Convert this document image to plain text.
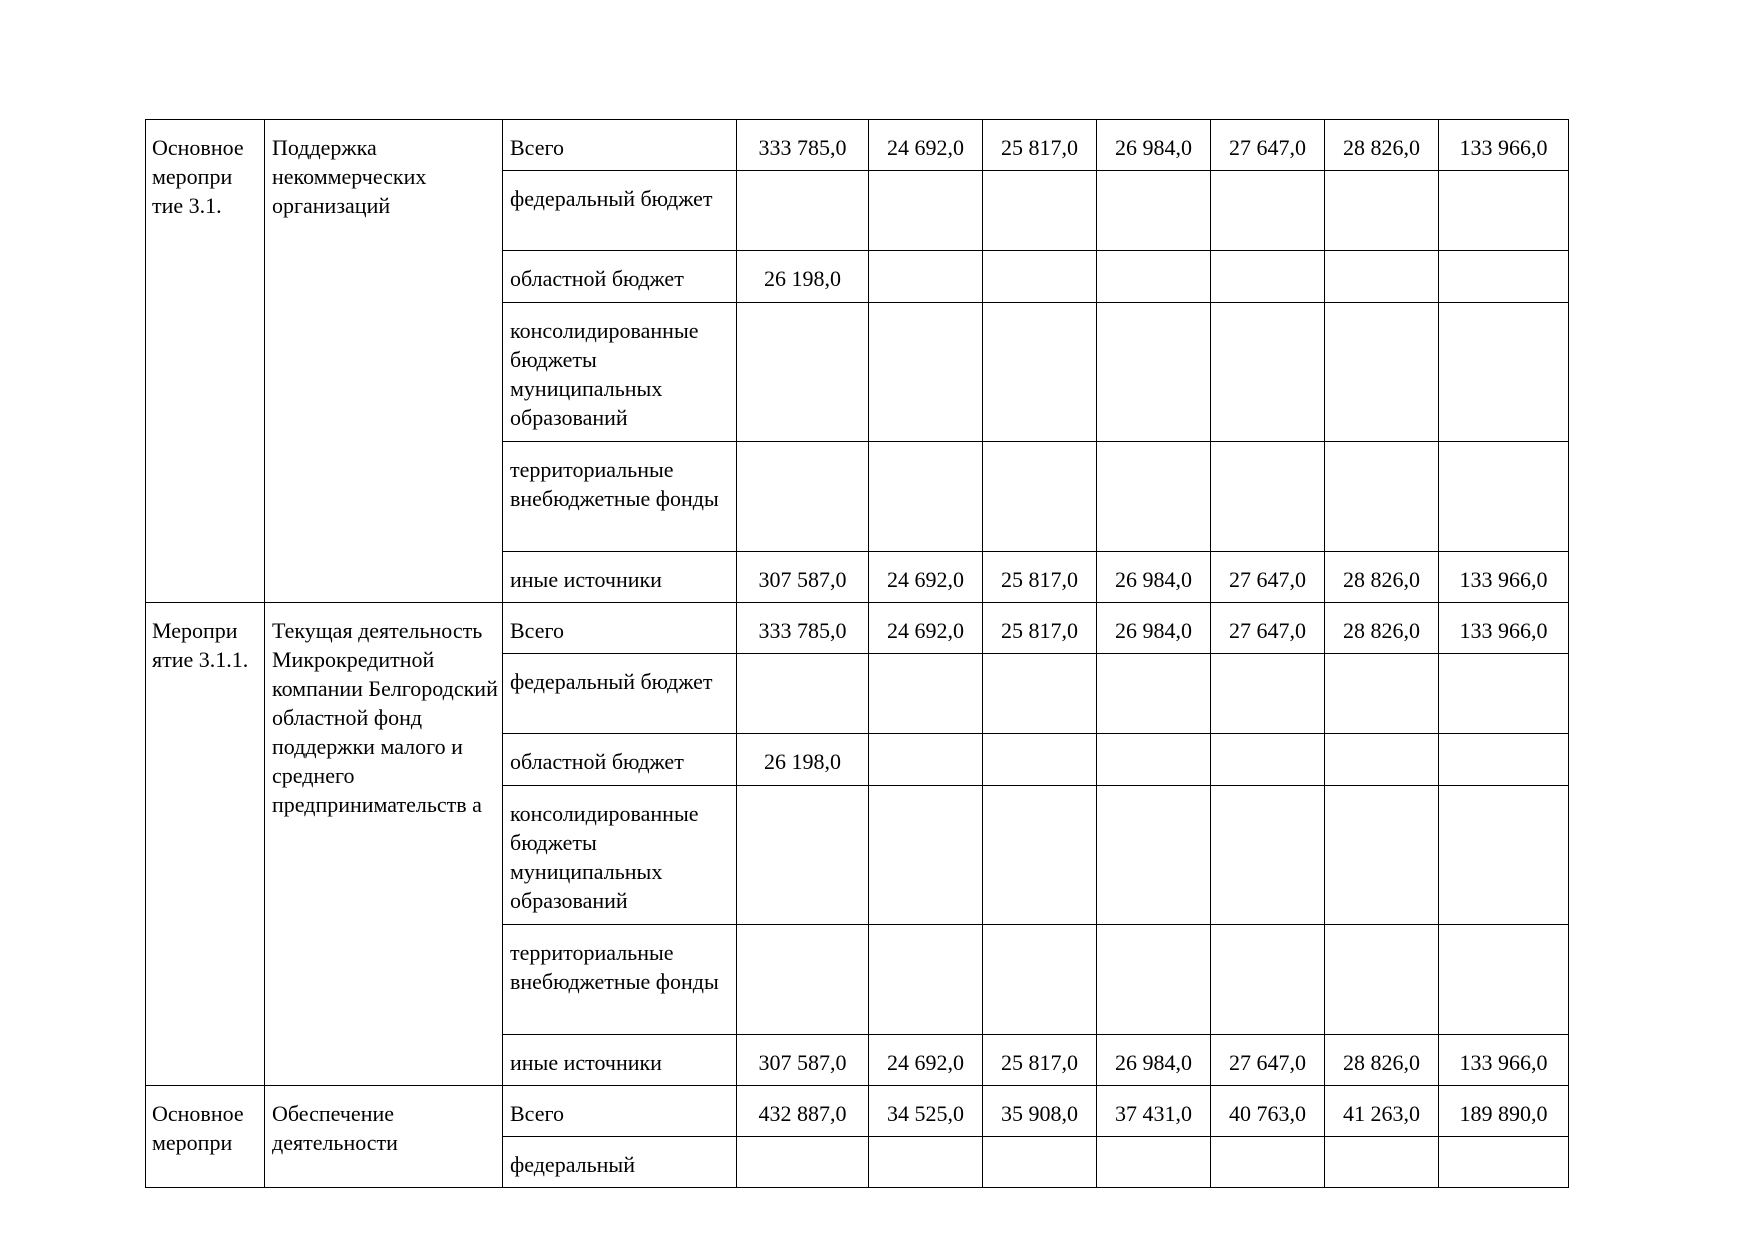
Основное меропри тие 3.1.	Поддержка некоммерческих организаций	Всего	333 785,0	24 692,0	25 817,0	26 984,0	27 647,0	28 826,0	133 966,0
		федеральный бюджет							
		областной бюджет	26 198,0						
		консолидированные бюджеты муниципальных образований							
		территориальные внебюджетные фонды							
		иные источники	307 587,0	24 692,0	25 817,0	26 984,0	27 647,0	28 826,0	133 966,0
Меропри ятие 3.1.1.	Текущая деятельность Микрокредитной компании Белгородский областной фонд поддержки малого и среднего предпринимательств а	Всего	333 785,0	24 692,0	25 817,0	26 984,0	27 647,0	28 826,0	133 966,0
		федеральный бюджет							
		областной бюджет	26 198,0						
		консолидированные бюджеты муниципальных образований							
		территориальные внебюджетные фонды							
		иные источники	307 587,0	24 692,0	25 817,0	26 984,0	27 647,0	28 826,0	133 966,0
Основное меропри	Обеспечение деятельности	Всего	432 887,0	34 525,0	35 908,0	37 431,0	40 763,0	41 263,0	189 890,0
		федеральный							
